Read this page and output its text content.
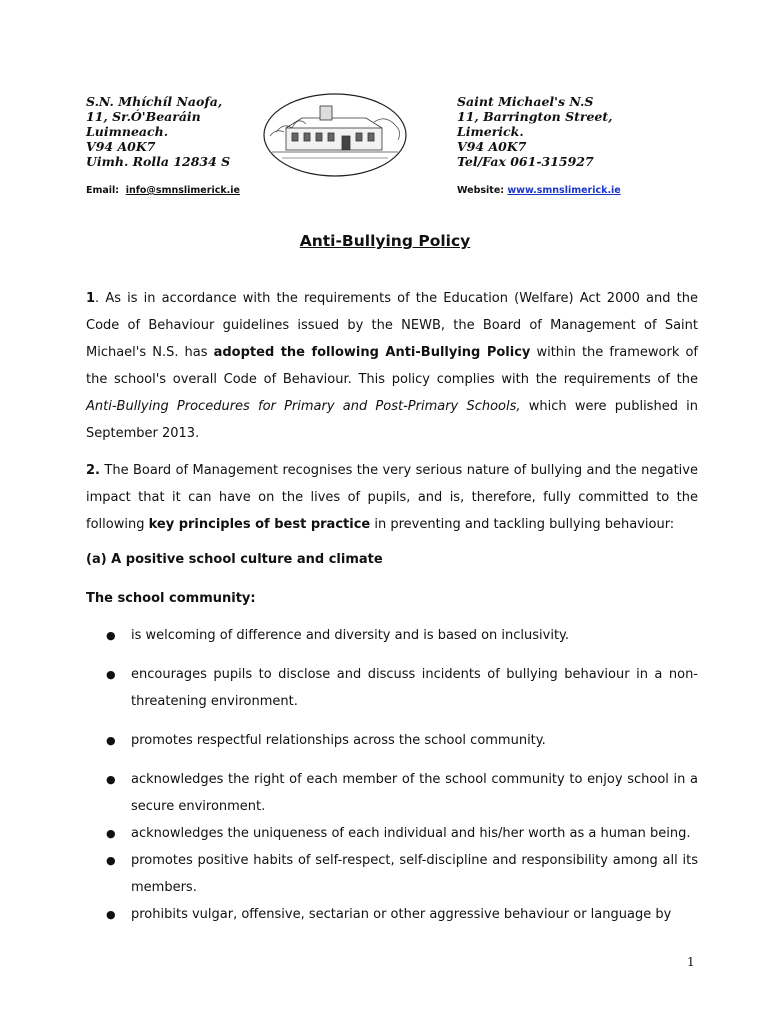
S.N. Mhíchíl Naofa,
11, Sr.Ó'Bearáin
Luimneach.
V94 A0K7
Uimh. Rolla 12834 S
Saint Michael's N.S
11, Barrington Street,
Limerick.
V94 A0K7
Tel/Fax 061-315927
Email: info@smnslimerick.ie	Website: www.smnslimerick.ie
Anti-Bullying Policy

1. As is in accordance with the requirements of the Education (Welfare) Act 2000 and the Code of Behaviour guidelines issued by the NEWB, the Board of Management of Saint Michael's N.S. has adopted the following Anti-Bullying Policy within the framework of the school's overall Code of Behaviour. This policy complies with the requirements of the Anti-Bullying Procedures for Primary and Post-Primary Schools, which were published in September 2013.

2. The Board of Management recognises the very serious nature of bullying and the negative impact that it can have on the lives of pupils, and is, therefore, fully committed to the following key principles of best practice in preventing and tackling bullying behaviour:

(a) A positive school culture and climate
The school community:
● is welcoming of difference and diversity and is based on inclusivity.
● encourages pupils to disclose and discuss incidents of bullying behaviour in a non-threatening environment.
● promotes respectful relationships across the school community.
● acknowledges the right of each member of the school community to enjoy school in a secure environment.
● acknowledges the uniqueness of each individual and his/her worth as a human being.
● promotes positive habits of self-respect, self-discipline and responsibility among all its members.
● prohibits vulgar, offensive, sectarian or other aggressive behaviour or language by
1
